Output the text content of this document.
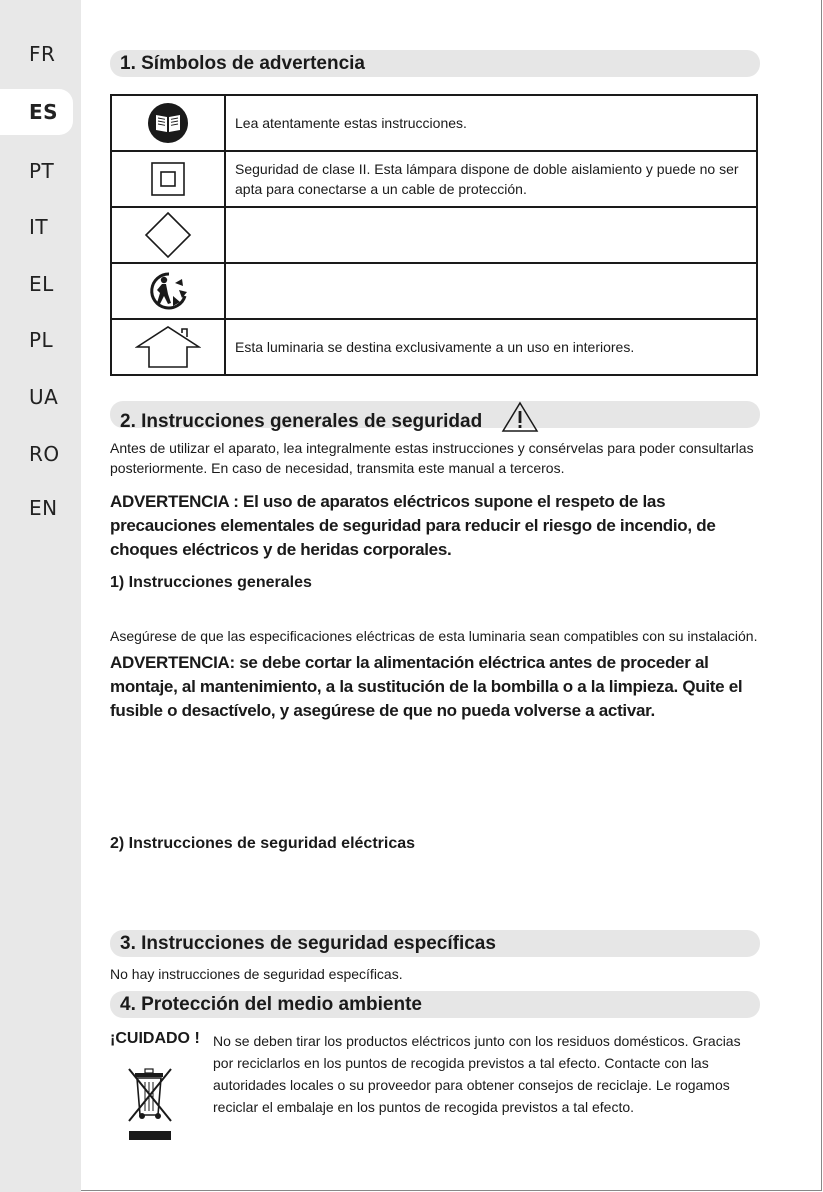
FR
ES
PT
IT
EL
PL
UA
RO
EN
1. Símbolos de advertencia
	Lea atentamente estas instrucciones.

	Seguridad de clase II. Esta lámpara dispone de doble aislamiento y puede no ser apta para conectarse a un cable de protección.

	Esta luminaria se destina exclusivamente a un uso en interiores.
2. Instrucciones generales de seguridad
Antes de utilizar el aparato, lea integralmente estas instrucciones y consérvelas para poder consultarlas posteriormente. En caso de necesidad, transmita este manual a terceros.
ADVERTENCIA : El uso de aparatos eléctricos supone el respeto de las precauciones elementales de seguridad para reducir el riesgo de incendio, de choques eléctricos y de heridas corporales.
1) Instrucciones generales
Asegúrese de que las especificaciones eléctricas de esta luminaria sean compatibles con su instalación.
ADVERTENCIA: se debe cortar la alimentación eléctrica antes de proceder al montaje, al mantenimiento, a la sustitución de la bombilla o a la limpieza. Quite el fusible o desactívelo, y asegúrese de que no pueda volverse a activar.
2) Instrucciones de seguridad eléctricas
3. Instrucciones de seguridad específicas
No hay instrucciones de seguridad específicas.
4. Protección del medio ambiente
¡CUIDADO ! No se deben tirar los productos eléctricos junto con los residuos domésticos. Gracias por reciclarlos en los puntos de recogida previstos a tal efecto. Contacte con las autoridades locales o su proveedor para obtener consejos de reciclaje. Le rogamos reciclar el embalaje en los puntos de recogida previstos a tal efecto.
